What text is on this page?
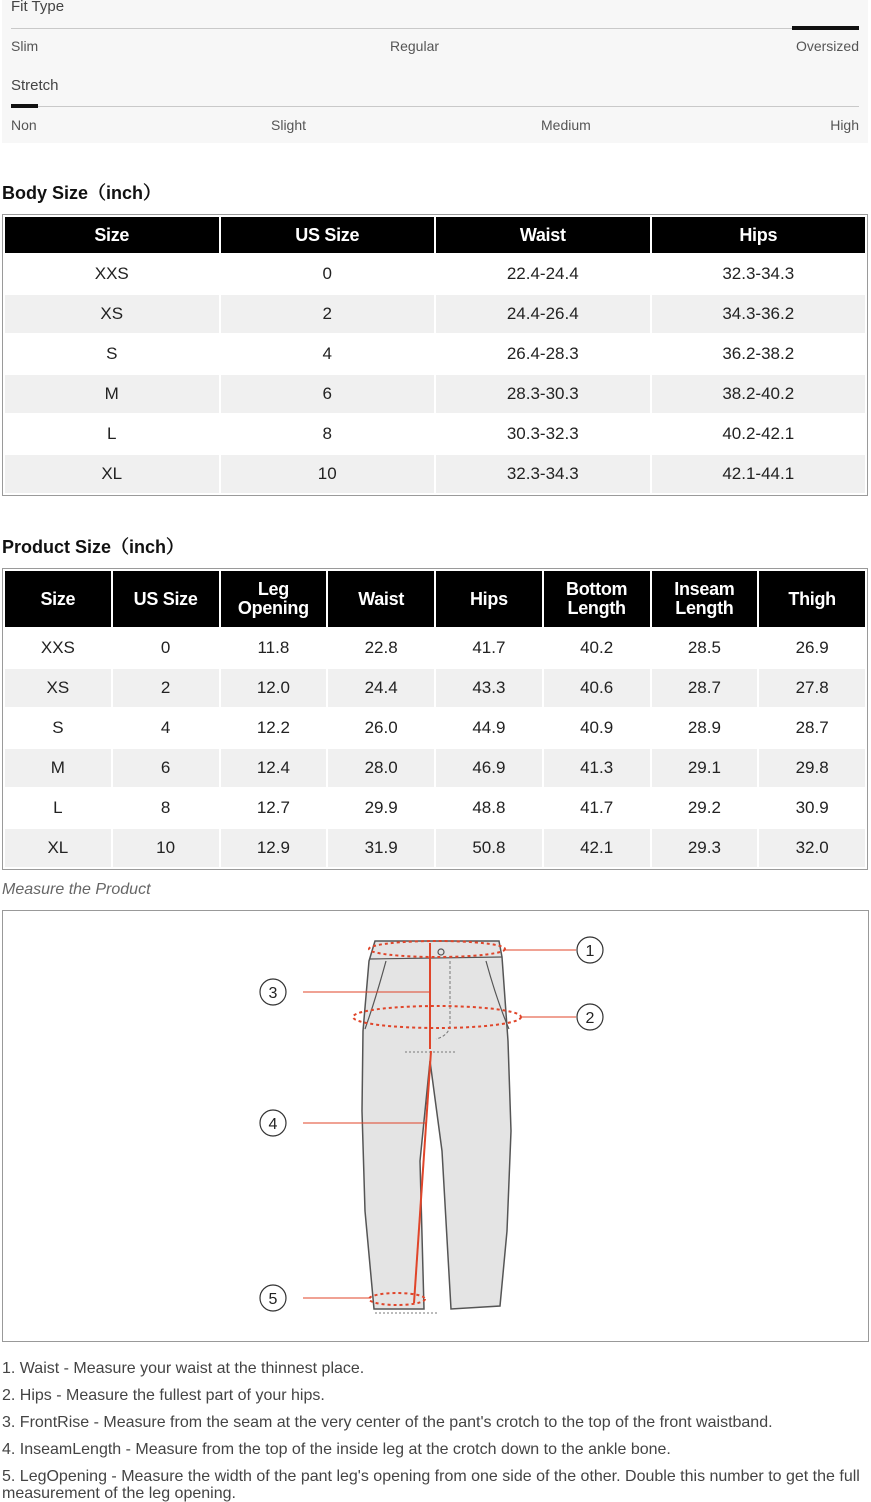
Fit Type
Slim	Regular	Oversized
Stretch
Non	Slight	Medium	High
Body Size（inch）
Size	US Size	Waist	Hips
XXS	0	22.4-24.4	32.3-34.3
XS	2	24.4-26.4	34.3-36.2
S	4	26.4-28.3	36.2-38.2
M	6	28.3-30.3	38.2-40.2
L	8	30.3-32.3	40.2-42.1
XL	10	32.3-34.3	42.1-44.1
Product Size（inch）
Size	US Size	Leg Opening	Waist	Hips	Bottom Length	Inseam Length	Thigh
XXS	0	11.8	22.8	41.7	40.2	28.5	26.9
XS	2	12.0	24.4	43.3	40.6	28.7	27.8
S	4	12.2	26.0	44.9	40.9	28.9	28.7
M	6	12.4	28.0	46.9	41.3	29.1	29.8
L	8	12.7	29.9	48.8	41.7	29.2	30.9
XL	10	12.9	31.9	50.8	42.1	29.3	32.0
Measure the Product
1
2
3
4
5

1. Waist - Measure your waist at the thinnest place.

2. Hips - Measure the fullest part of your hips.

3. FrontRise - Measure from the seam at the very center of the pant's crotch to the top of the front waistband.

4. InseamLength - Measure from the top of the inside leg at the crotch down to the ankle bone.

5. LegOpening - Measure the width of the pant leg's opening from one side of the other. Double this number to get the full measurement of the leg opening.
